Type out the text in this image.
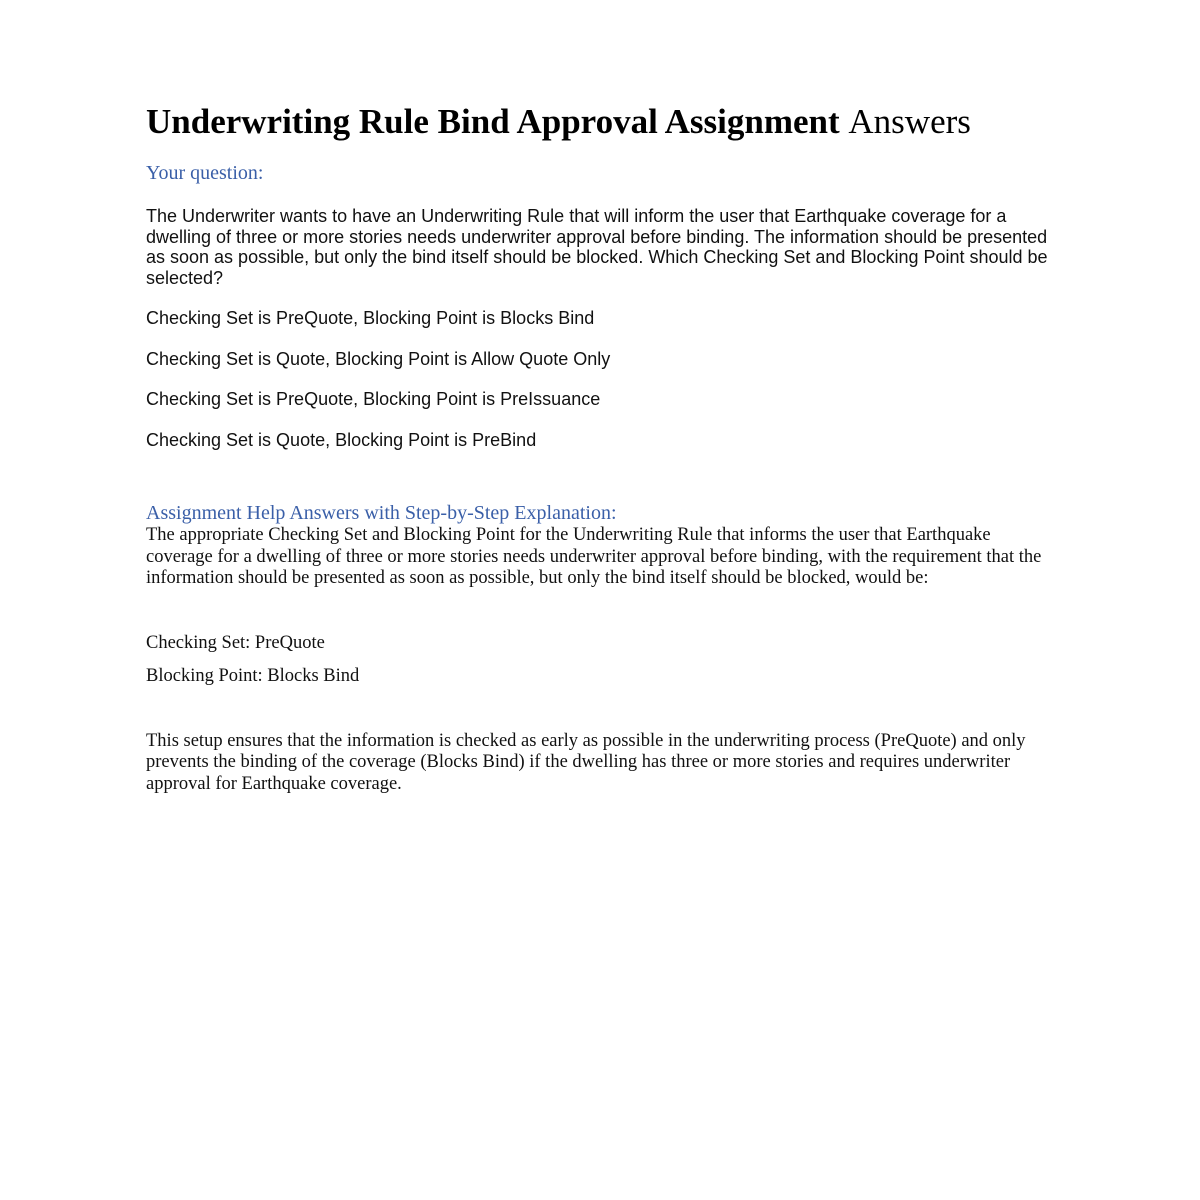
Underwriting Rule Bind Approval Assignment Answers
Your question:

The Underwriter wants to have an Underwriting Rule that will inform the user that Earthquake coverage for a dwelling of three or more stories needs underwriter approval before binding. The information should be presented as soon as possible, but only the bind itself should be blocked. Which Checking Set and Blocking Point should be selected?

Checking Set is PreQuote, Blocking Point is Blocks Bind

Checking Set is Quote, Blocking Point is Allow Quote Only

Checking Set is PreQuote, Blocking Point is PreIssuance

Checking Set is Quote, Blocking Point is PreBind

Assignment Help Answers with Step-by-Step Explanation:

The appropriate Checking Set and Blocking Point for the Underwriting Rule that informs the user that Earthquake coverage for a dwelling of three or more stories needs underwriter approval before binding, with the requirement that the information should be presented as soon as possible, but only the bind itself should be blocked, would be:

Checking Set: PreQuote

Blocking Point: Blocks Bind

This setup ensures that the information is checked as early as possible in the underwriting process (PreQuote) and only prevents the binding of the coverage (Blocks Bind) if the dwelling has three or more stories and requires underwriter approval for Earthquake coverage.
